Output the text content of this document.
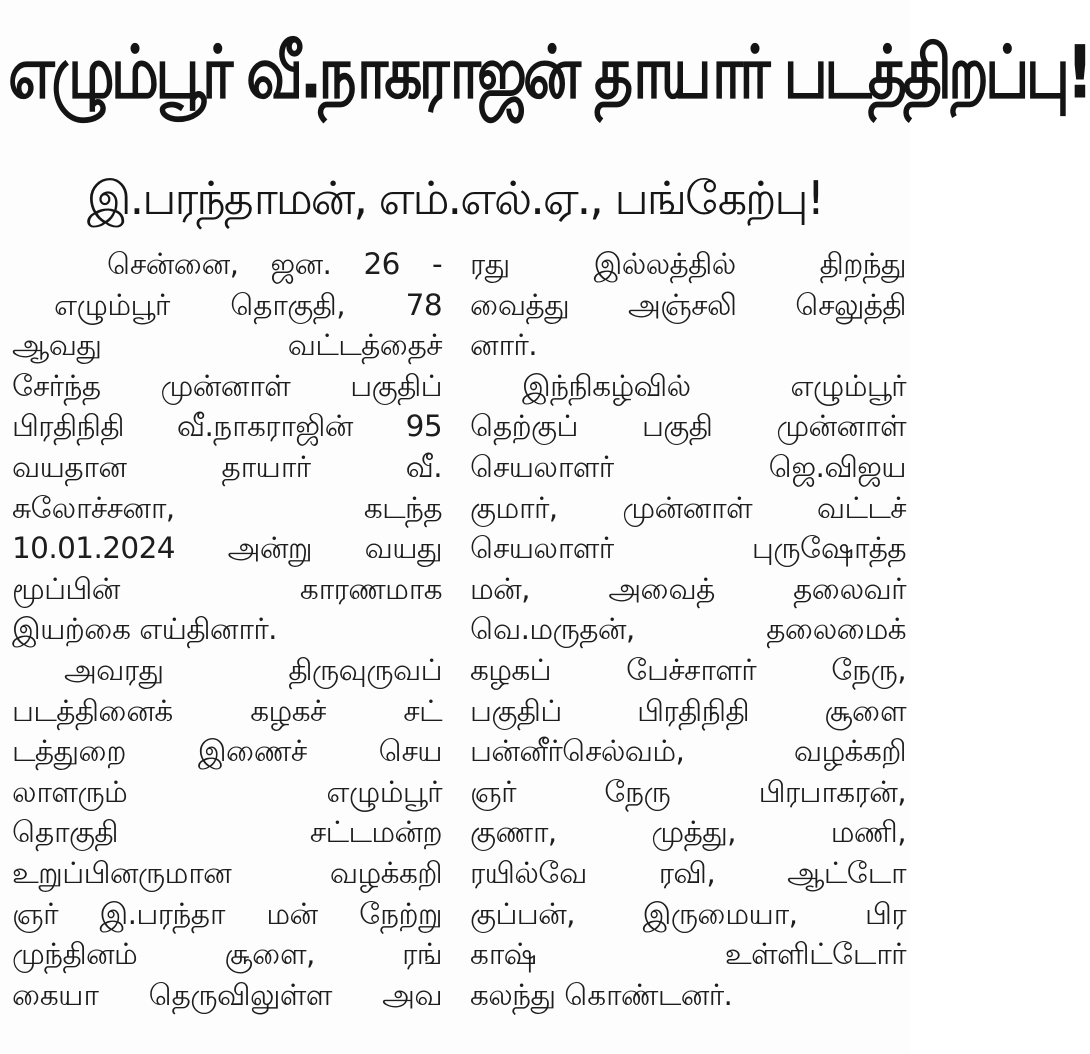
எழும்பூர் வீ.நாகராஜன் தாயார் படத்திறப்பு!
இ.பரந்தாமன், எம்.எல்.ஏ., பங்கேற்பு!
சென்னை, ஜன. 26 -
எழும்பூர் தொகுதி, 78
ஆவது வட்டத்தைச்
சேர்ந்த முன்னாள் பகுதிப்
பிரதிநிதி வீ.நாகராஜின் 95
வயதான தாயார் வீ.
சுலோச்சனா, கடந்த
10.01.2024 அன்று வயது
மூப்பின் காரணமாக
இயற்கை எய்தினார்.
அவரது திருவுருவப்
படத்தினைக் கழகச் சட்
டத்துறை இணைச் செய
லாளரும் எழும்பூர்
தொகுதி சட்டமன்ற
உறுப்பினருமான வழக்கறி
ஞர் இ.பரந்தா மன் நேற்று
முந்தினம் சூளை, ரங்
கையா தெருவிலுள்ள அவ
ரது இல்லத்தில் திறந்து
வைத்து அஞ்சலி செலுத்தி
னார்.
இந்நிகழ்வில் எழும்பூர்
தெற்குப் பகுதி முன்னாள்
செயலாளர் ஜெ.விஜய
குமார், முன்னாள் வட்டச்
செயலாளர் புருஷோத்த
மன், அவைத் தலைவர்
வெ.மருதன், தலைமைக்
கழகப் பேச்சாளர் நேரு,
பகுதிப் பிரதிநிதி சூளை
பன்னீர்செல்வம், வழக்கறி
ஞர் நேரு பிரபாகரன்,
குணா, முத்து, மணி,
ரயில்வே ரவி, ஆட்டோ
குப்பன், இருமையா, பிர
காஷ் உள்ளிட்டோர்
கலந்து கொண்டனர்.
